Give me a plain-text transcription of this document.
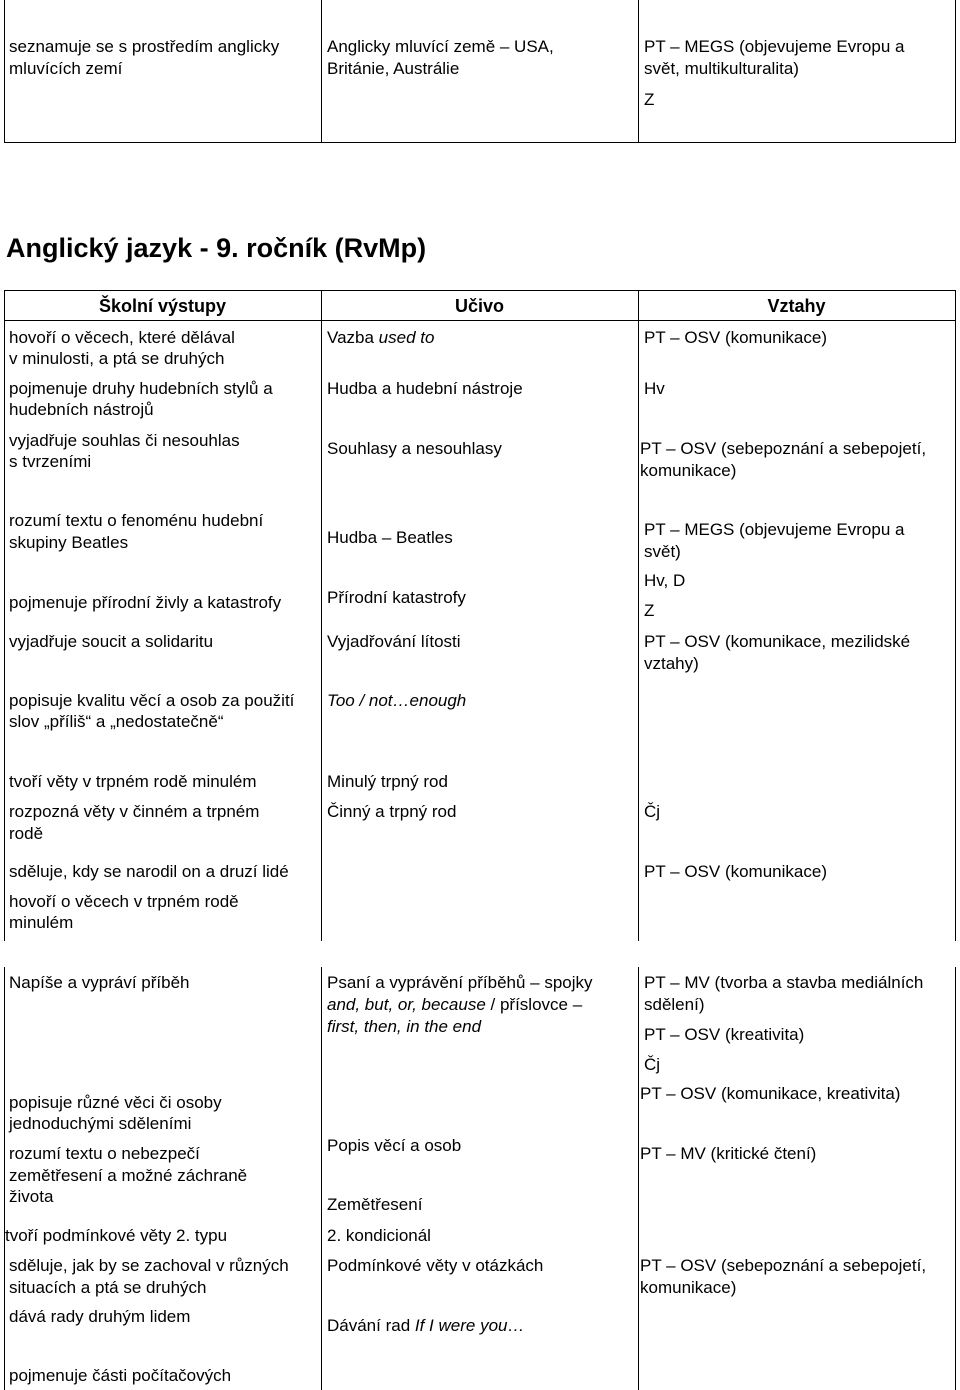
seznamuje se s prostředím anglicky
mluvících zemí
Anglicky mluvící země – USA,
Británie, Austrálie
PT – MEGS (objevujeme Evropu a
svět, multikulturalita)
Z
Anglický jazyk - 9. ročník (RvMp)
Školní výstupy	Učivo	Vztahy
hovoří o věcech, které dělával
v minulosti, a ptá se druhých
pojmenuje druhy hudebních stylů a
hudebních nástrojů
vyjadřuje souhlas či nesouhlas
s tvrzeními
rozumí textu o fenoménu hudební
skupiny Beatles
pojmenuje přírodní živly a katastrofy
vyjadřuje soucit a solidaritu
popisuje kvalitu věcí a osob za použití
slov „příliš“ a „nedostatečně“
tvoří věty v trpném rodě minulém
rozpozná věty v činném a trpném
rodě
sděluje, kdy se narodil on a druzí lidé
hovoří o věcech v trpném rodě
minulém
Napíše a vypráví příběh
popisuje různé věci či osoby
jednoduchými sděleními
rozumí textu o nebezpečí
zemětřesení a možné záchraně
života
tvoří podmínkové věty 2. typu
sděluje, jak by se zachoval v různých
situacích a ptá se druhých
dává rady druhým lidem
pojmenuje části počítačových
Vazba used to
Hudba a hudební nástroje
Souhlasy a nesouhlasy
Hudba – Beatles
Přírodní katastrofy
Vyjadřování lítosti
Too / not…enough
Minulý trpný rod
Činný a trpný rod
Psaní a vyprávění příběhů – spojky
and, but, or, because / příslovce –
first, then, in the end
Popis věcí a osob
Zemětřesení
2. kondicionál
Podmínkové věty v otázkách
Dávání rad If I were you…
PT – OSV (komunikace)
Hv
PT – OSV (sebepoznání a sebepojetí,
komunikace)
PT – MEGS (objevujeme Evropu a
svět)
Hv, D
Z
PT – OSV (komunikace, mezilidské
vztahy)
Čj
PT – OSV (komunikace)
PT – MV (tvorba a stavba mediálních
sdělení)
PT – OSV (kreativita)
Čj
PT – OSV (komunikace, kreativita)
PT – MV (kritické čtení)
PT – OSV (sebepoznání a sebepojetí,
komunikace)
